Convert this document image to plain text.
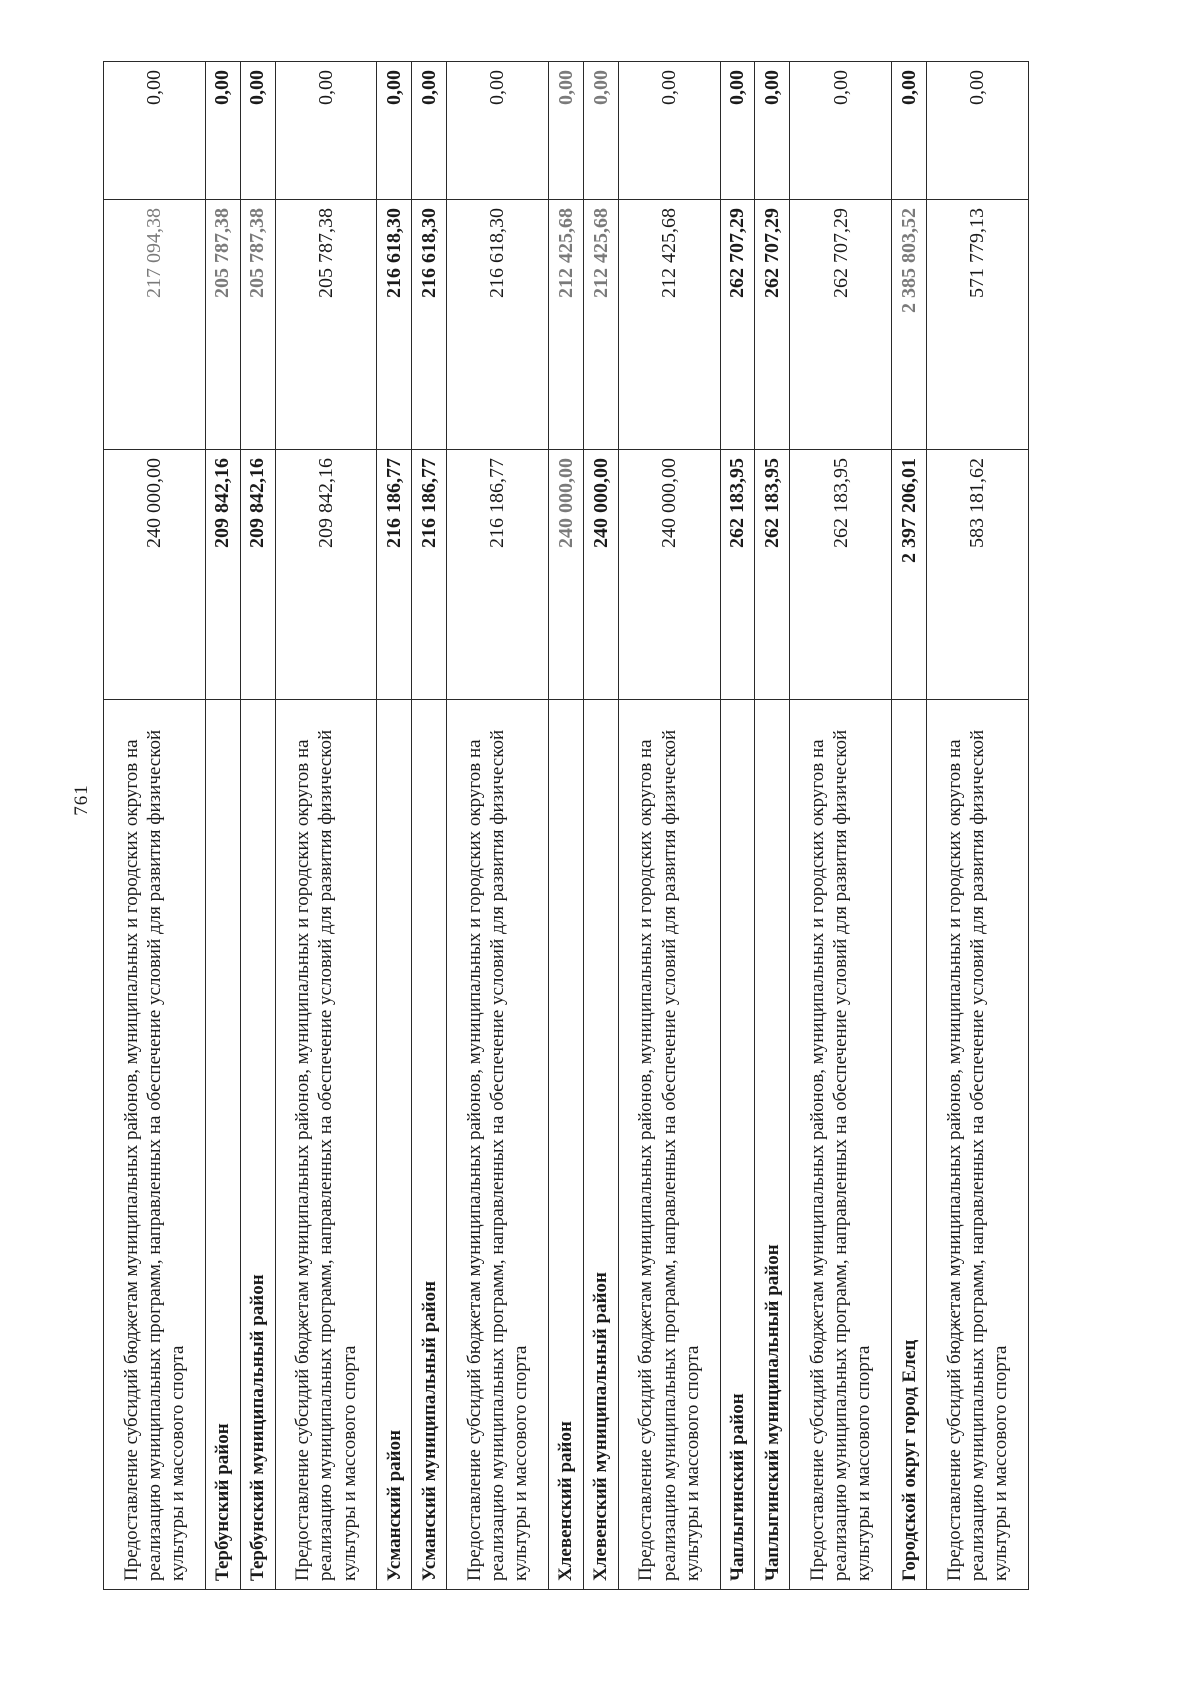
761 Предоставление субсидий бюджетам муниципальных районов, муниципальных и городских округов на реализацию муниципальных программ, направленных на обеспечение условий для развития физической культуры и массового спорта	240 000,00	217 094,38	0,00
Тербунский район	209 842,16	205 787,38	0,00
Тербунский муниципальный район	209 842,16	205 787,38	0,00
Предоставление субсидий бюджетам муниципальных районов, муниципальных и городских округов на реализацию муниципальных программ, направленных на обеспечение условий для развития физической культуры и массового спорта	209 842,16	205 787,38	0,00
Усманский район	216 186,77	216 618,30	0,00
Усманский муниципальный район	216 186,77	216 618,30	0,00
Предоставление субсидий бюджетам муниципальных районов, муниципальных и городских округов на реализацию муниципальных программ, направленных на обеспечение условий для развития физической культуры и массового спорта	216 186,77	216 618,30	0,00
Хлевенский район	240 000,00	212 425,68	0,00
Хлевенский муниципальный район	240 000,00	212 425,68	0,00
Предоставление субсидий бюджетам муниципальных районов, муниципальных и городских округов на реализацию муниципальных программ, направленных на обеспечение условий для развития физической культуры и массового спорта	240 000,00	212 425,68	0,00
Чаплыгинский район	262 183,95	262 707,29	0,00
Чаплыгинский муниципальный район	262 183,95	262 707,29	0,00
Предоставление субсидий бюджетам муниципальных районов, муниципальных и городских округов на реализацию муниципальных программ, направленных на обеспечение условий для развития физической культуры и массового спорта	262 183,95	262 707,29	0,00
Городской округ город Елец	2 397 206,01	2 385 803,52	0,00
Предоставление субсидий бюджетам муниципальных районов, муниципальных и городских округов на реализацию муниципальных программ, направленных на обеспечение условий для развития физической культуры и массового спорта	583 181,62	571 779,13	0,00
